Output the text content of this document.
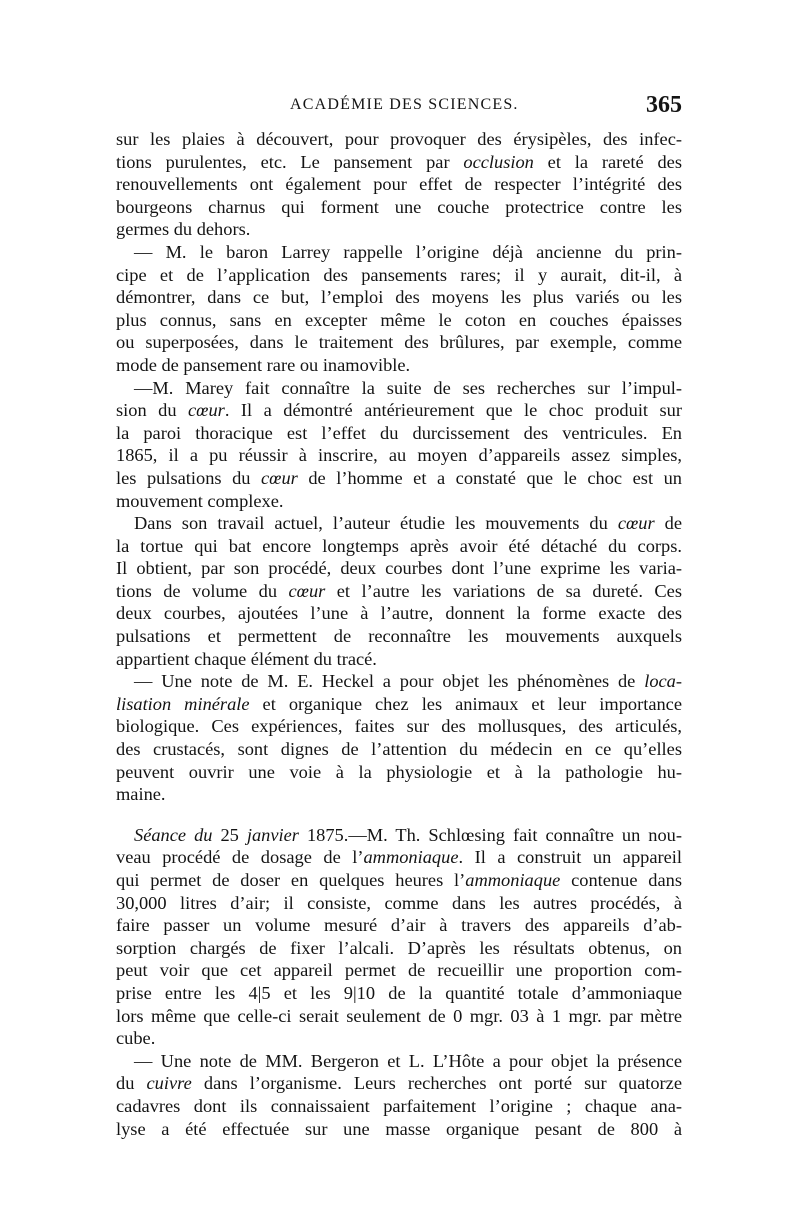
ACADÉMIE DES SCIENCES.	365
sur les plaies à découvert, pour provoquer des érysipèles, des infec-
tions purulentes, etc. Le pansement par occlusion et la rareté des
renouvellements ont également pour effet de respecter l’intégrité des
bourgeons charnus qui forment une couche protectrice contre les
germes du dehors.
— M. le baron Larrey rappelle l’origine déjà ancienne du prin-
cipe et de l’application des pansements rares; il y aurait, dit-il, à
démontrer, dans ce but, l’emploi des moyens les plus variés ou les
plus connus, sans en excepter même le coton en couches épaisses
ou superposées, dans le traitement des brûlures, par exemple, comme
mode de pansement rare ou inamovible.
—M. Marey fait connaître la suite de ses recherches sur l’impul-
sion du cœur. Il a démontré antérieurement que le choc produit sur
la paroi thoracique est l’effet du durcissement des ventricules. En
1865, il a pu réussir à inscrire, au moyen d’appareils assez simples,
les pulsations du cœur de l’homme et a constaté que le choc est un
mouvement complexe.
Dans son travail actuel, l’auteur étudie les mouvements du cœur de
la tortue qui bat encore longtemps après avoir été détaché du corps.
Il obtient, par son procédé, deux courbes dont l’une exprime les varia-
tions de volume du cœur et l’autre les variations de sa dureté. Ces
deux courbes, ajoutées l’une à l’autre, donnent la forme exacte des
pulsations et permettent de reconnaître les mouvements auxquels
appartient chaque élément du tracé.
— Une note de M. E. Heckel a pour objet les phénomènes de loca-
lisation minérale et organique chez les animaux et leur importance
biologique. Ces expériences, faites sur des mollusques, des articulés,
des crustacés, sont dignes de l’attention du médecin en ce qu’elles
peuvent ouvrir une voie à la physiologie et à la pathologie hu-
maine.
Séance du 25 janvier 1875.—M. Th. Schlœsing fait connaître un nou-
veau procédé de dosage de l’ammoniaque. Il a construit un appareil
qui permet de doser en quelques heures l’ammoniaque contenue dans
30,000 litres d’air; il consiste, comme dans les autres procédés, à
faire passer un volume mesuré d’air à travers des appareils d’ab-
sorption chargés de fixer l’alcali. D’après les résultats obtenus, on
peut voir que cet appareil permet de recueillir une proportion com-
prise entre les 4|5 et les 9|10 de la quantité totale d’ammoniaque
lors même que celle-ci serait seulement de 0 mgr. 03 à 1 mgr. par mètre
cube.
— Une note de MM. Bergeron et L. L’Hôte a pour objet la présence
du cuivre dans l’organisme. Leurs recherches ont porté sur quatorze
cadavres dont ils connaissaient parfaitement l’origine ; chaque ana-
lyse a été effectuée sur une masse organique pesant de 800 à
